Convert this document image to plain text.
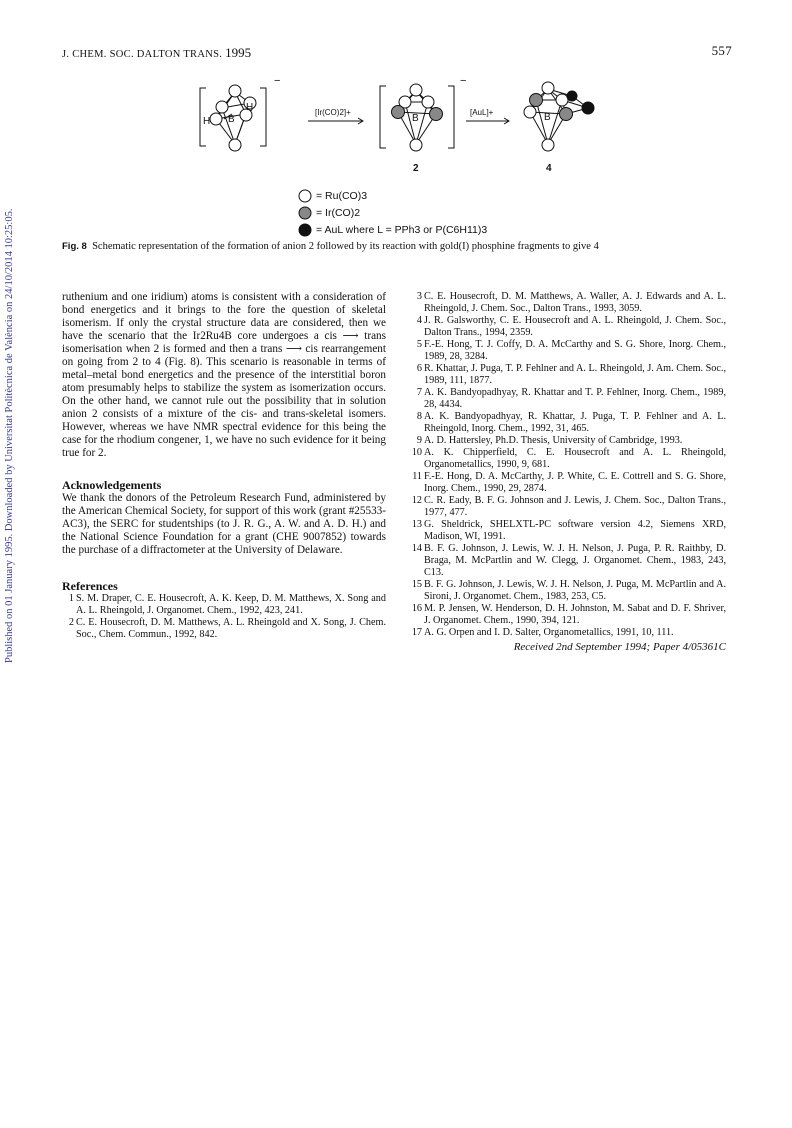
J. CHEM. SOC. DALTON TRANS. 1995	557
Published on 01 January 1995. Downloaded by Universitat Politècnica de València on 24/10/2014 10:25:05.
−	−
[Ir(CO)2]+	[AuL]+
H
H B	B	B
2	4
= Ru(CO)3
= Ir(CO)2
= AuL where L = PPh3 or P(C6H11)3
Fig. 8 Schematic representation of the formation of anion 2 followed by its reaction with gold(I) phosphine fragments to give 4

ruthenium and one iridium) atoms is consistent with a consideration of bond energetics and it brings to the fore the question of skeletal isomerism. If only the crystal structure data are considered, then we have the scenario that the Ir2Ru4B core undergoes a cis ⟶ trans isomerisation when 2 is formed and then a trans ⟶ cis rearrangement on going from 2 to 4 (Fig. 8). This scenario is reasonable in terms of metal–metal bond energetics and the presence of the interstitial boron atom presumably helps to stabilize the system as isomerization occurs. On the other hand, we cannot rule out the possibility that in solution anion 2 consists of a mixture of the cis- and trans-skeletal isomers. However, whereas we have NMR spectral evidence for this being the case for the rhodium congener, 1, we have no such evidence for it being true for 2.

Acknowledgements

We thank the donors of the Petroleum Research Fund, administered by the American Chemical Society, for support of this work (grant #25533-AC3), the SERC for studentships (to J. R. G., A. W. and A. D. H.) and the National Science Foundation for a grant (CHE 9007852) towards the purchase of a diffractometer at the University of Delaware.

References
1 S. M. Draper, C. E. Housecroft, A. K. Keep, D. M. Matthews, X. Song and A. L. Rheingold, J. Organomet. Chem., 1992, 423, 241.
2 C. E. Housecroft, D. M. Matthews, A. L. Rheingold and X. Song, J. Chem. Soc., Chem. Commun., 1992, 842.
3 C. E. Housecroft, D. M. Matthews, A. Waller, A. J. Edwards and A. L. Rheingold, J. Chem. Soc., Dalton Trans., 1993, 3059.
4 J. R. Galsworthy, C. E. Housecroft and A. L. Rheingold, J. Chem. Soc., Dalton Trans., 1994, 2359.
5 F.-E. Hong, T. J. Coffy, D. A. McCarthy and S. G. Shore, Inorg. Chem., 1989, 28, 3284.
6 R. Khattar, J. Puga, T. P. Fehlner and A. L. Rheingold, J. Am. Chem. Soc., 1989, 111, 1877.
7 A. K. Bandyopadhyay, R. Khattar and T. P. Fehlner, Inorg. Chem., 1989, 28, 4434.
8 A. K. Bandyopadhyay, R. Khattar, J. Puga, T. P. Fehlner and A. L. Rheingold, Inorg. Chem., 1992, 31, 465.
9 A. D. Hattersley, Ph.D. Thesis, University of Cambridge, 1993.
10 A. K. Chipperfield, C. E. Housecroft and A. L. Rheingold, Organometallics, 1990, 9, 681.
11 F.-E. Hong, D. A. McCarthy, J. P. White, C. E. Cottrell and S. G. Shore, Inorg. Chem., 1990, 29, 2874.
12 C. R. Eady, B. F. G. Johnson and J. Lewis, J. Chem. Soc., Dalton Trans., 1977, 477.
13 G. Sheldrick, SHELXTL-PC software version 4.2, Siemens XRD, Madison, WI, 1991.
14 B. F. G. Johnson, J. Lewis, W. J. H. Nelson, J. Puga, P. R. Raithby, D. Braga, M. McPartlin and W. Clegg, J. Organomet. Chem., 1983, 243, C13.
15 B. F. G. Johnson, J. Lewis, W. J. H. Nelson, J. Puga, M. McPartlin and A. Sironi, J. Organomet. Chem., 1983, 253, C5.
16 M. P. Jensen, W. Henderson, D. H. Johnston, M. Sabat and D. F. Shriver, J. Organomet. Chem., 1990, 394, 121.
17 A. G. Orpen and I. D. Salter, Organometallics, 1991, 10, 111.
Received 2nd September 1994; Paper 4/05361C
